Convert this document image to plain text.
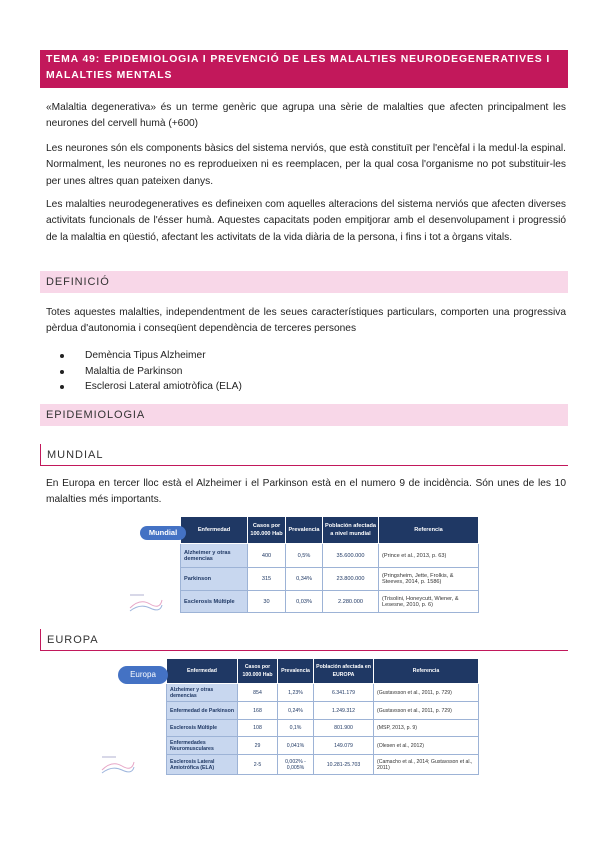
TEMA 49: EPIDEMIOLOGIA I PREVENCIÓ DE LES MALALTIES NEURODEGENERATIVES I MALALTIES MENTALS
«Malaltia degenerativa» és un terme genèric que agrupa una sèrie de malalties que afecten principalment les neurones del cervell humà (+600)
Les neurones són els components bàsics del sistema nerviós, que està constituït per l'encèfal i la medul·la espinal. Normalment, les neurones no es reprodueixen ni es reemplacen, per la qual cosa l'organisme no pot substituir-les per unes altres quan pateixen danys.
Les malalties neurodegeneratives es defineixen com aquelles alteracions del sistema nerviós que afecten diverses activitats funcionals de l'ésser humà. Aquestes capacitats poden empitjorar amb el desenvolupament i progressió de la malaltia en qüestió, afectant les activitats de la vida diària de la persona, i fins i tot a òrgans vitals.
DEFINICIÓ
Totes aquestes malalties, independentment de les seues característiques particulars, comporten una progressiva pèrdua d'autonomia i conseqüent dependència de terceres persones
Demència Tipus Alzheimer
Malaltia de Parkinson
Esclerosi Lateral amiotròfica (ELA)
EPIDEMIOLOGIA
MUNDIAL
En Europa en tercer lloc està el Alzheimer i el Parkinson està en el numero 9 de incidència. Són unes de les 10 malalties més importants.
Enfermedad	Casos por 100.000 Hab	Prevalencia	Población afectada a nivel mundial	Referencia
Alzheimer y otras demencias	400	0,5%	35.600.000	(Prince et al., 2013, p. 63)
Parkinson	315	0,34%	23.800.000	(Pringsheim, Jette, Frolkis, & Steeves, 2014, p. 1586)
Esclerosis Múltiple	30	0,03%	2.280.000	(Trisolini, Honeycutt, Wiener, & Lesesne, 2010, p. 6)
Mundial
EUROPA
Enfermedad	Casos por 100.000 Hab	Prevalencia	Población afectada en EUROPA	Referencia
Alzheimer y otras demencias	854	1,23%	6.341.179	(Gustavsson et al., 2011, p. 729)
Enfermedad de Parkinson	168	0,24%	1.249.312	(Gustavsson et al., 2011, p. 729)
Esclerosis Múltiple	108	0,1%	801.900	(MSP, 2013, p. 9)
Enfermedades Neuromusculares	29	0,041%	149.079	(Olesen et al., 2012)
Esclerosis Lateral Amiotrófica (ELA)	2-5	0,002% - 0,005%	10.281-25.703	(Camacho et al., 2014; Gustavsson et al., 2011)
Europa
